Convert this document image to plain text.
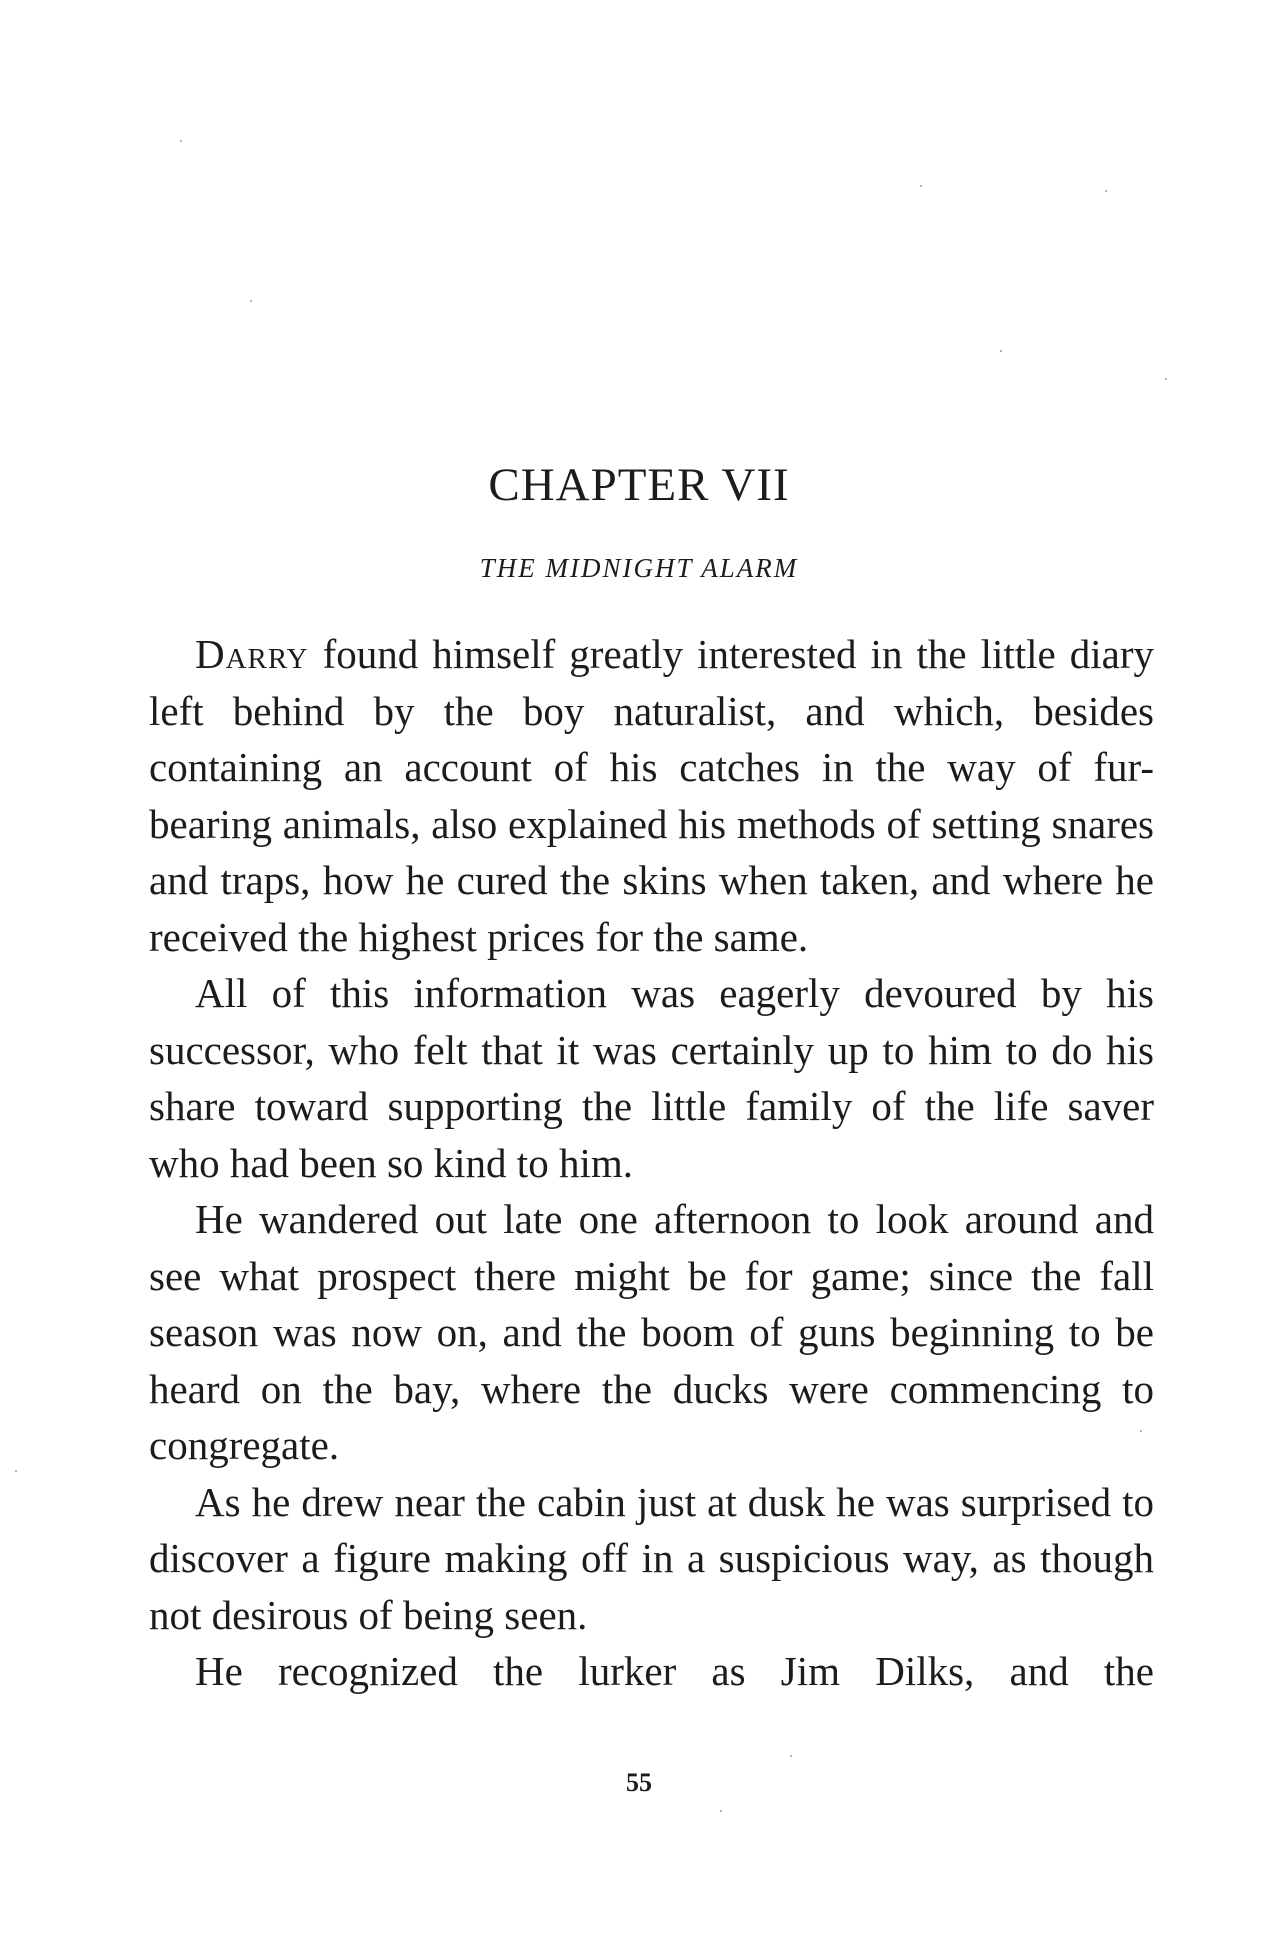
CHAPTER VII
THE MIDNIGHT ALARM

Darry found himself greatly interested in the little diary left behind by the boy naturalist, and which, besides containing an account of his catches in the way of fur-bearing animals, also explained his methods of setting snares and traps, how he cured the skins when taken, and where he received the highest prices for the same.

All of this information was eagerly devoured by his successor, who felt that it was certainly up to him to do his share toward supporting the little family of the life saver who had been so kind to him.

He wandered out late one afternoon to look around and see what prospect there might be for game; since the fall season was now on, and the boom of guns beginning to be heard on the bay, where the ducks were commencing to congregate.

As he drew near the cabin just at dusk he was surprised to discover a figure making off in a suspicious way, as though not desirous of being seen.

He recognized the lurker as Jim Dilks, and the

55
